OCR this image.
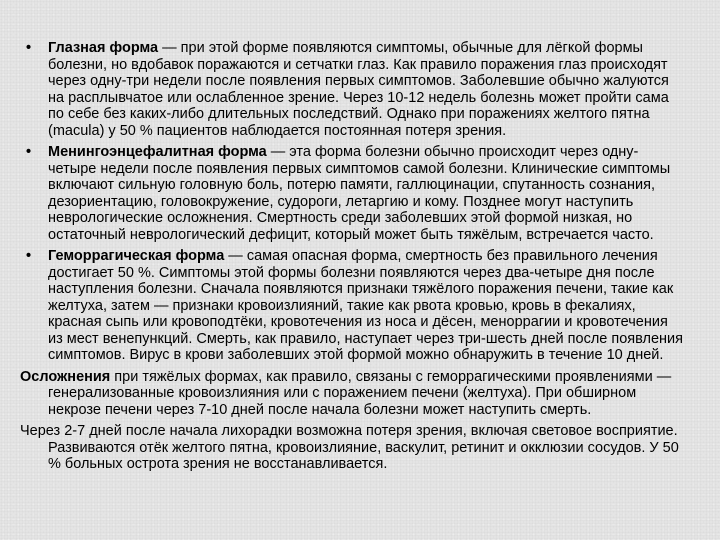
• Глазная форма — при этой форме появляются симптомы, обычные для лёгкой формы болезни, но вдобавок поражаются и сетчатки глаз. Как правило поражения глаз происходят через одну-три недели после появления первых симптомов. Заболевшие обычно жалуются на расплывчатое или ослабленное зрение. Через 10-12 недель болезнь может пройти сама по себе без каких-либо длительных последствий. Однако при поражениях желтого пятна (macula) у 50 % пациентов наблюдается постоянная потеря зрения.
• Менингоэнцефалитная форма — эта форма болезни обычно происходит через одну-четыре недели после появления первых симптомов самой болезни. Клинические симптомы включают сильную головную боль, потерю памяти, галлюцинации, спутанность сознания, дезориентацию, головокружение, судороги, летаргию и кому. Позднее могут наступить неврологические осложнения. Смертность среди заболевших этой формой низкая, но остаточный неврологический дефицит, который может быть тяжёлым, встречается часто.
• Геморрагическая форма — самая опасная форма, смертность без правильного лечения достигает 50 %. Симптомы этой формы болезни появляются через два-четыре дня после наступления болезни. Сначала появляются признаки тяжёлого поражения печени, такие как желтуха, затем — признаки кровоизлияний, такие как рвота кровью, кровь в фекалиях, красная сыпь или кровоподтёки, кровотечения из носа и дёсен, меноррагии и кровотечения из мест венепункций. Смерть, как правило, наступает через три-шесть дней после появления симптомов. Вирус в крови заболевших этой формой можно обнаружить в течение 10 дней.
Осложнения при тяжёлых формах, как правило, связаны с геморрагическими проявлениями — генерализованные кровоизлияния или с поражением печени (желтуха). При обширном некрозе печени через 7-10 дней после начала болезни может наступить смерть.
Через 2-7 дней после начала лихорадки возможна потеря зрения, включая световое восприятие. Развиваются отёк желтого пятна, кровоизлияние, васкулит, ретинит и окклюзии сосудов. У 50 % больных острота зрения не восстанавливается.
